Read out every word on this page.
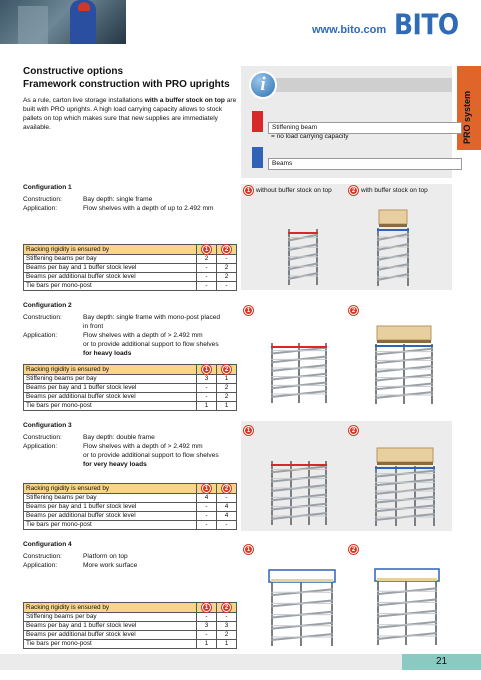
www.bito.com BITO
PRO system
Constructive options
Framework construction with PRO uprights
As a rule, carton live storage installations with a buffer stock on top are built with PRO uprights. A high load carrying capacity allows to stock pallets on top which makes sure that new supplies are immediately available.
i
Stiffening beam
= no load carrying capacity
Beams
Configuration 1
Construction:	Bay depth: single frame
Application:	Flow shelves with a depth of up to 2.492 mm
Racking rigidity is ensured by	1	2
Stiffening beams per bay	2	-
Beams per bay and 1 buffer stock level	-	2
Beams per additional buffer stock level	-	2
Tie bars per mono-post	-	-
Configuration 2
Construction:	Bay depth: single frame with mono-post placed
in front
Application:	Flow shelves with a depth of > 2.492 mm
or to provide additional support to flow shelves
for heavy loads
Racking rigidity is ensured by	1	2
Stiffening beams per bay	3	1
Beams per bay and 1 buffer stock level	-	2
Beams per additional buffer stock level	-	2
Tie bars per mono-post	1	1
Configuration 3
Construction:	Bay depth: double frame
Application:	Flow shelves with a depth of > 2.492 mm
or to provide additional support to flow shelves
for very heavy loads
Racking rigidity is ensured by	1	2
Stiffening beams per bay	4	-
Beams per bay and 1 buffer stock level	-	4
Beams per additional buffer stock level	-	4
Tie bars per mono-post	-	-
Configuration 4
Construction:	Platform on top
Application:	More work surface
Racking rigidity is ensured by	1	2
Stiffening beams per bay	-	-
Beams per bay and 1 buffer stock level	3	3
Beams per additional buffer stock level	-	2
Tie bars per mono-post	1	1
1 without buffer stock on top	2 with buffer stock on top
1	2
1	2
1	2
21
